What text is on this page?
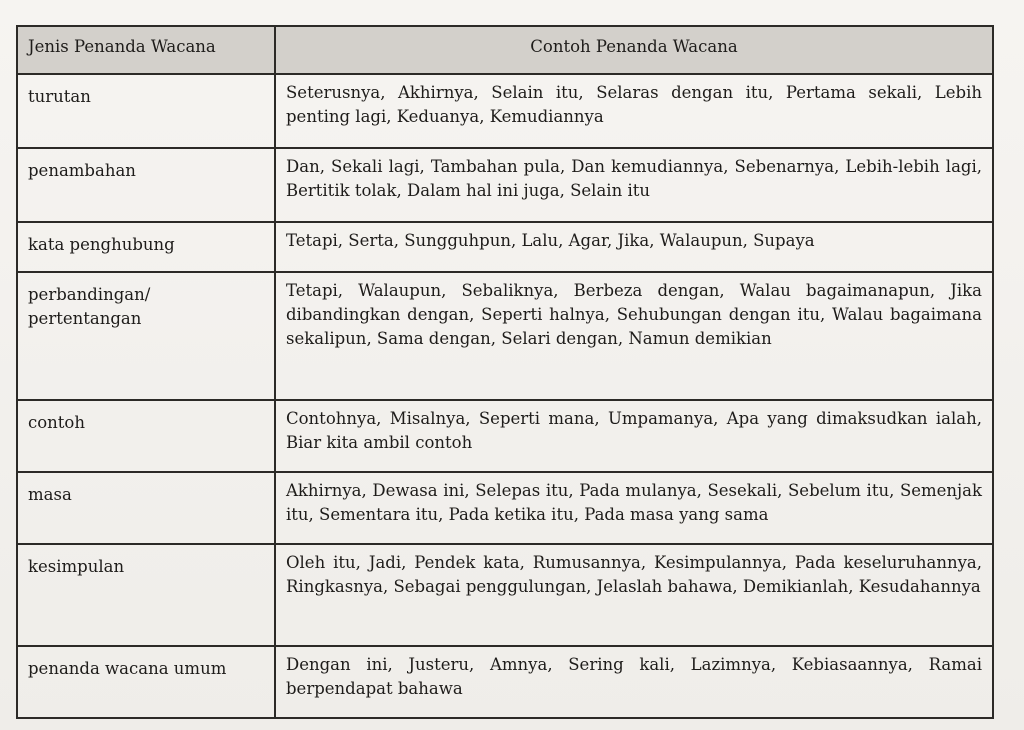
Jenis Penanda Wacana	Contoh Penanda Wacana
turutan	Seterusnya, Akhirnya, Selain itu, Selaras dengan itu, Pertama sekali, Lebih penting lagi, Keduanya, Kemudiannya
penambahan	Dan, Sekali lagi, Tambahan pula, Dan kemudiannya, Sebenarnya, Lebih-lebih lagi, Bertitik tolak, Dalam hal ini juga, Selain itu
kata penghubung	Tetapi, Serta, Sungguhpun, Lalu, Agar, Jika, Walaupun, Supaya
perbandingan/ pertentangan	Tetapi, Walaupun, Sebaliknya, Berbeza dengan, Walau bagaimanapun, Jika dibandingkan dengan, Seperti halnya, Sehubungan dengan itu, Walau bagaimana sekalipun, Sama dengan, Selari dengan, Namun demikian
contoh	Contohnya, Misalnya, Seperti mana, Umpamanya, Apa yang dimaksudkan ialah, Biar kita ambil contoh
masa	Akhirnya, Dewasa ini, Selepas itu, Pada mulanya, Sesekali, Sebelum itu, Semenjak itu, Sementara itu, Pada ketika itu, Pada masa yang sama
kesimpulan	Oleh itu, Jadi, Pendek kata, Rumusannya, Kesimpulannya, Pada keseluruhannya, Ringkasnya, Sebagai penggulungan, Jelaslah bahawa, Demikianlah, Kesudahannya
penanda wacana umum	Dengan ini, Justeru, Amnya, Sering kali, Lazimnya, Kebiasaannya, Ramai berpendapat bahawa
